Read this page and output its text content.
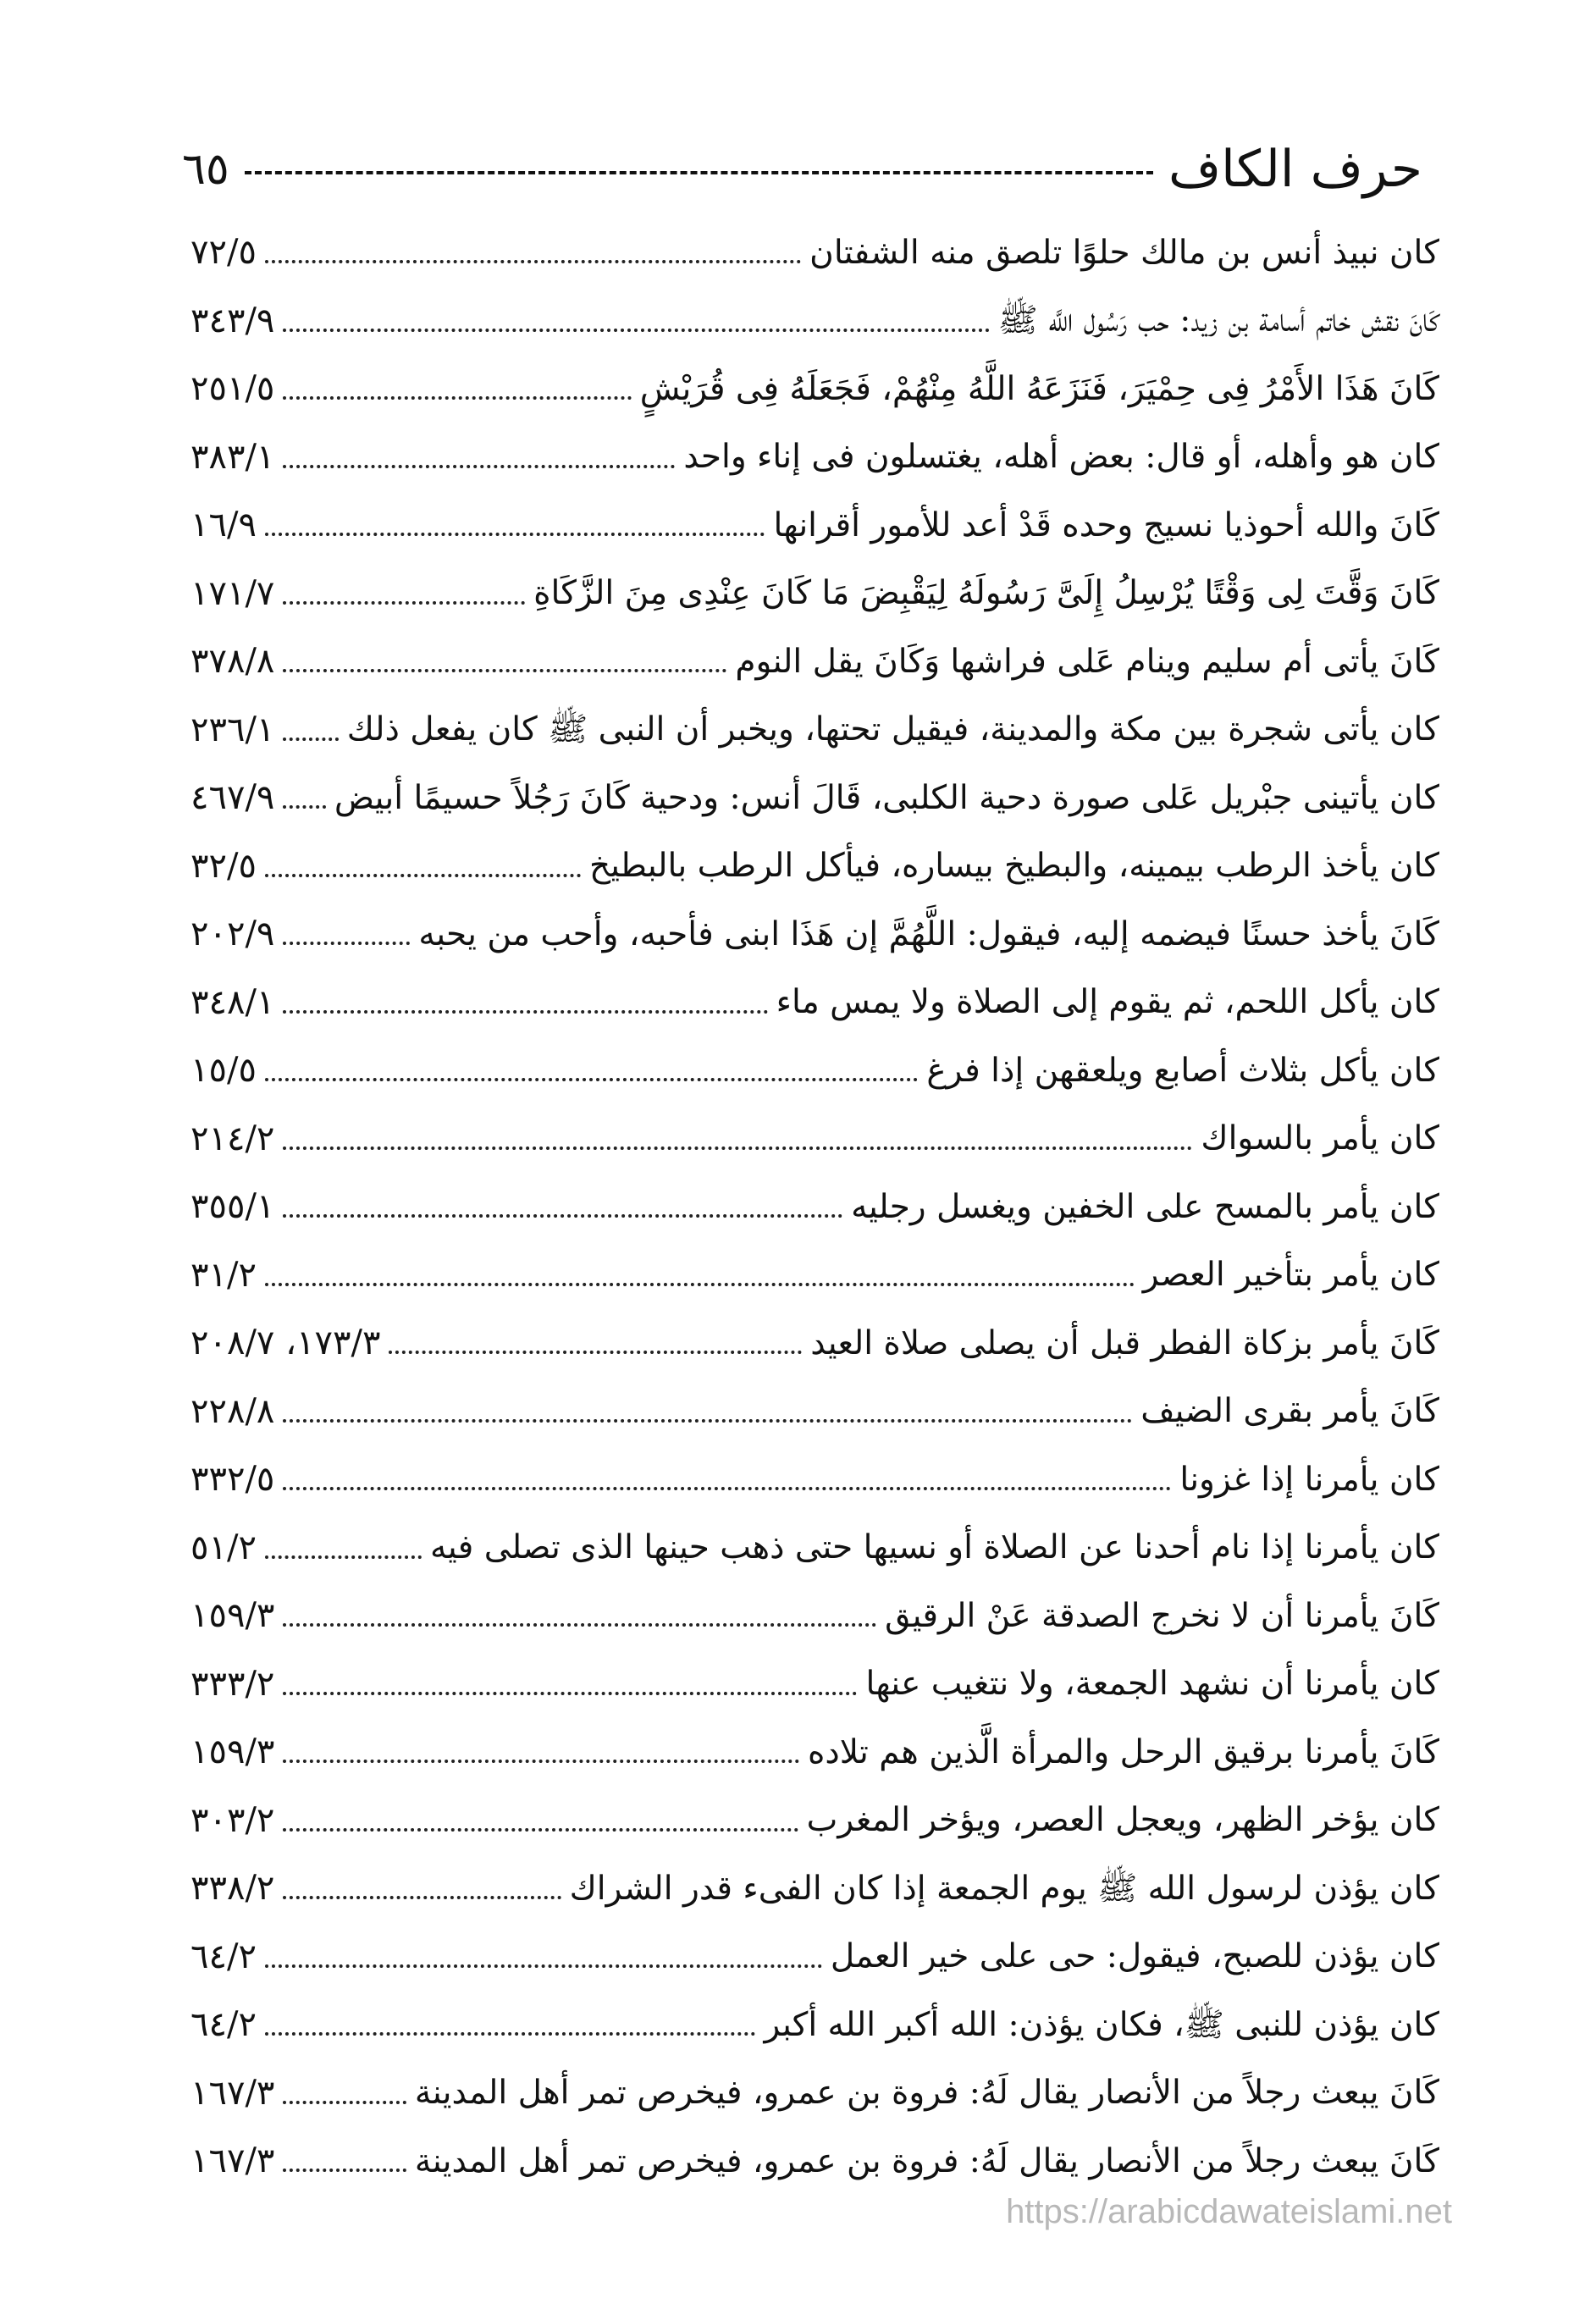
حرف الكاف
٦٥
كان نبيذ أنس بن مالك حلوًا تلصق منه الشفتان
٧٢/٥
كَانَ نقش خاتم أسامة بن زيد: حب رَسُول اللَّه ﷺ
٣٤٣/٩
كَانَ هَذَا الأَمْرُ فِى حِمْيَرَ، فَنَزَعَهُ اللَّهُ مِنْهُمْ، فَجَعَلَهُ فِى قُرَيْشٍ
٢٥١/٥
كان هو وأهله، أو قال: بعض أهله، يغتسلون فى إناء واحد
٣٨٣/١
كَانَ والله أحوذيا نسيج وحده قَدْ أعد للأمور أقرانها
١٦/٩
كَانَ وَقَّتَ لِى وَقْتًا يُرْسِلُ إِلَىَّ رَسُولَهُ لِيَقْبِضَ مَا كَانَ عِنْدِى مِنَ الزَّكَاةِ
١٧١/٧
كَانَ يأتى أم سليم وينام عَلى فراشها وَكَانَ يقل النوم
٣٧٨/٨
كان يأتى شجرة بين مكة والمدينة، فيقيل تحتها، ويخبر أن النبى ﷺ كان يفعل ذلك
٢٣٦/١
كان يأتينى جبْريل عَلى صورة دحية الكلبى، قَالَ أنس: ودحية كَانَ رَجُلاً حسيمًا أبيض
٤٦٧/٩
كان يأخذ الرطب بيمينه، والبطيخ بيساره، فيأكل الرطب بالبطيخ
٣٢/٥
كَانَ يأخذ حسنًا فيضمه إليه، فيقول: اللَّهُمَّ إن هَذَا ابنى فأحبه، وأحب من يحبه
٢٠٢/٩
كان يأكل اللحم، ثم يقوم إلى الصلاة ولا يمس ماء
٣٤٨/١
كان يأكل بثلاث أصابع ويلعقهن إذا فرغ
١٥/٥
كان يأمر بالسواك
٢١٤/٢
كان يأمر بالمسح على الخفين ويغسل رجليه
٣٥٥/١
كان يأمر بتأخير العصر
٣١/٢
كَانَ يأمر بزكاة الفطر قبل أن يصلى صلاة العيد
١٧٣/٣، ٢٠٨/٧
كَانَ يأمر بقرى الضيف
٢٢٨/٨
كان يأمرنا إذا غزونا
٣٣٢/٥
كان يأمرنا إذا نام أحدنا عن الصلاة أو نسيها حتى ذهب حينها الذى تصلى فيه
٥١/٢
كَانَ يأمرنا أن لا نخرج الصدقة عَنْ الرقيق
١٥٩/٣
كان يأمرنا أن نشهد الجمعة، ولا نتغيب عنها
٣٣٣/٢
كَانَ يأمرنا برقيق الرحل والمرأة الَّذين هم تلاده
١٥٩/٣
كان يؤخر الظهر، ويعجل العصر، ويؤخر المغرب
٣٠٣/٢
كان يؤذن لرسول الله ﷺ يوم الجمعة إذا كان الفىء قدر الشراك
٣٣٨/٢
كان يؤذن للصبح، فيقول: حى على خير العمل
٦٤/٢
كان يؤذن للنبى ﷺ، فكان يؤذن: الله أكبر الله أكبر
٦٤/٢
كَانَ يبعث رجلاً من الأنصار يقال لَهُ: فروة بن عمرو، فيخرص تمر أهل المدينة
١٦٧/٣
كَانَ يبعث رجلاً من الأنصار يقال لَهُ: فروة بن عمرو، فيخرص تمر أهل المدينة
١٦٧/٣
https://arabicdawateislami.net
